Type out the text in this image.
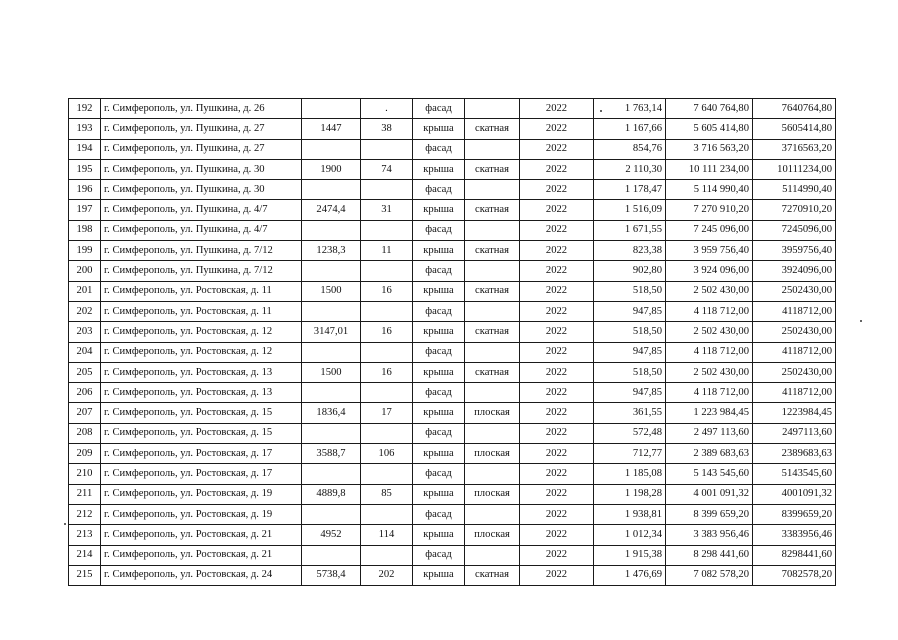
192	г. Симферополь, ул. Пушкина, д. 26		.	фасад		2022	1 763,14	7 640 764,80	7640764,80
193	г. Симферополь, ул. Пушкина, д. 27	1447	38	крыша	скатная	2022	1 167,66	5 605 414,80	5605414,80
194	г. Симферополь, ул. Пушкина, д. 27			фасад		2022	854,76	3 716 563,20	3716563,20
195	г. Симферополь, ул. Пушкина, д. 30	1900	74	крыша	скатная	2022	2 110,30	10 111 234,00	10111234,00
196	г. Симферополь, ул. Пушкина, д. 30			фасад		2022	1 178,47	5 114 990,40	5114990,40
197	г. Симферополь, ул. Пушкина, д. 4/7	2474,4	31	крыша	скатная	2022	1 516,09	7 270 910,20	7270910,20
198	г. Симферополь, ул. Пушкина, д. 4/7			фасад		2022	1 671,55	7 245 096,00	7245096,00
199	г. Симферополь, ул. Пушкина, д. 7/12	1238,3	11	крыша	скатная	2022	823,38	3 959 756,40	3959756,40
200	г. Симферополь, ул. Пушкина, д. 7/12			фасад		2022	902,80	3 924 096,00	3924096,00
201	г. Симферополь, ул. Ростовская, д. 11	1500	16	крыша	скатная	2022	518,50	2 502 430,00	2502430,00
202	г. Симферополь, ул. Ростовская, д. 11			фасад		2022	947,85	4 118 712,00	4118712,00
203	г. Симферополь, ул. Ростовская, д. 12	3147,01	16	крыша	скатная	2022	518,50	2 502 430,00	2502430,00
204	г. Симферополь, ул. Ростовская, д. 12			фасад		2022	947,85	4 118 712,00	4118712,00
205	г. Симферополь, ул. Ростовская, д. 13	1500	16	крыша	скатная	2022	518,50	2 502 430,00	2502430,00
206	г. Симферополь, ул. Ростовская, д. 13			фасад		2022	947,85	4 118 712,00	4118712,00
207	г. Симферополь, ул. Ростовская, д. 15	1836,4	17	крыша	плоская	2022	361,55	1 223 984,45	1223984,45
208	г. Симферополь, ул. Ростовская, д. 15			фасад		2022	572,48	2 497 113,60	2497113,60
209	г. Симферополь, ул. Ростовская, д. 17	3588,7	106	крыша	плоская	2022	712,77	2 389 683,63	2389683,63
210	г. Симферополь, ул. Ростовская, д. 17			фасад		2022	1 185,08	5 143 545,60	5143545,60
211	г. Симферополь, ул. Ростовская, д. 19	4889,8	85	крыша	плоская	2022	1 198,28	4 001 091,32	4001091,32
212	г. Симферополь, ул. Ростовская, д. 19			фасад		2022	1 938,81	8 399 659,20	8399659,20
213	г. Симферополь, ул. Ростовская, д. 21	4952	114	крыша	плоская	2022	1 012,34	3 383 956,46	3383956,46
214	г. Симферополь, ул. Ростовская, д. 21			фасад		2022	1 915,38	8 298 441,60	8298441,60
215	г. Симферополь, ул. Ростовская, д. 24	5738,4	202	крыша	скатная	2022	1 476,69	7 082 578,20	7082578,20
